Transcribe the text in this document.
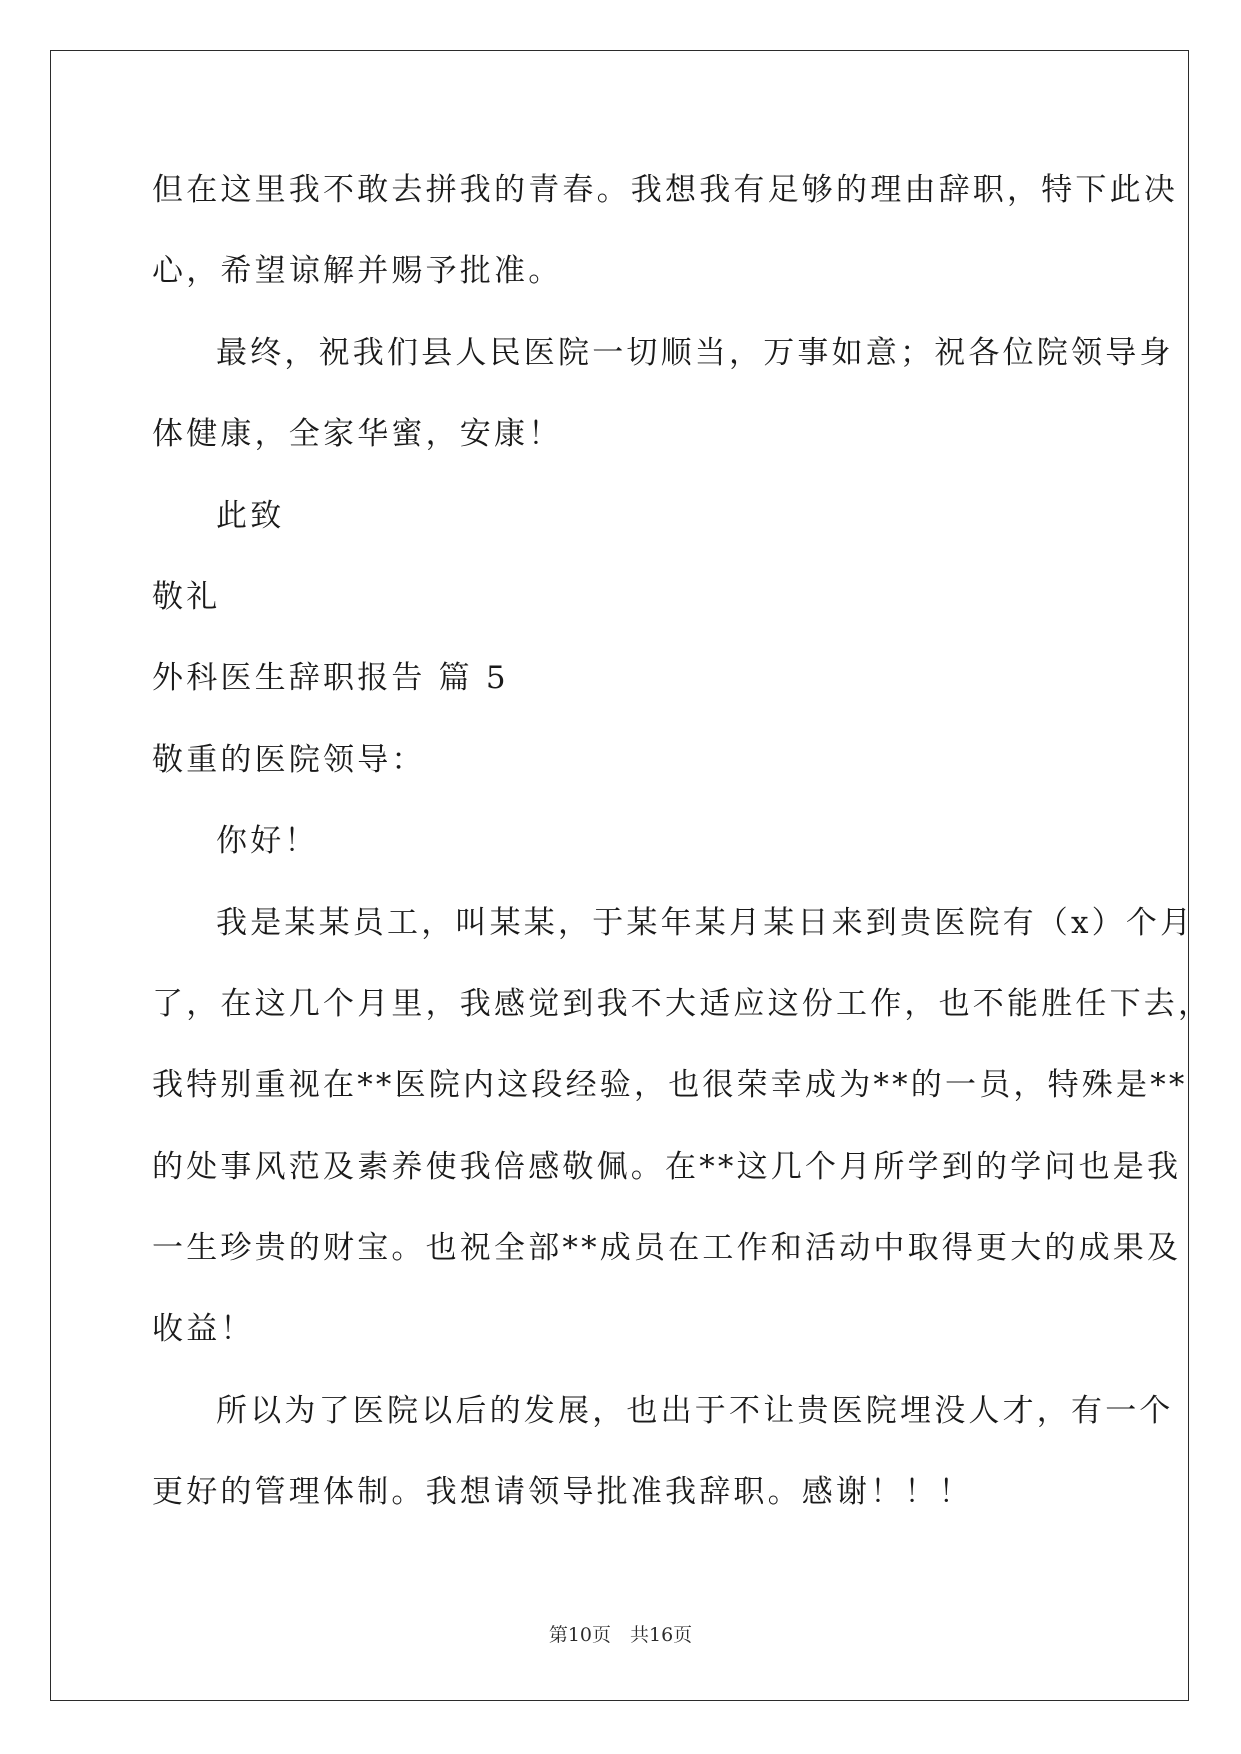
但在这里我不敢去拼我的青春。我想我有足够的理由辞职，特下此决
心，希望谅解并赐予批准。
最终，祝我们县人民医院一切顺当，万事如意；祝各位院领导身
体健康，全家华蜜，安康！
此致
敬礼
外科医生辞职报告 篇 5
敬重的医院领导：
你好！
我是某某员工，叫某某，于某年某月某日来到贵医院有（x）个月
了，在这几个月里，我感觉到我不大适应这份工作，也不能胜任下去，
我特别重视在**医院内这段经验，也很荣幸成为**的一员，特殊是**
的处事风范及素养使我倍感敬佩。在**这几个月所学到的学问也是我
一生珍贵的财宝。也祝全部**成员在工作和活动中取得更大的成果及
收益！
所以为了医院以后的发展，也出于不让贵医院埋没人才，有一个
更好的管理体制。我想请领导批准我辞职。感谢！！！
第10页　共16页
